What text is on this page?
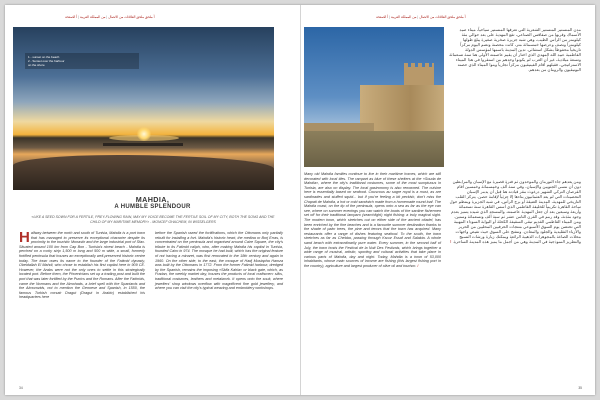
أ ملحق ملحق العلاقات من الاتصال | من المملكة العربية | أ الصفحة
1 - sunset on the beach
2 - Sunset over the harbour
on the shore
MAHDIA,
A HUMBLE SPLENDOUR
«LIKE A SEED SOWN FOR A FERTILE, PREY-FLOWING RAIN, MAY MY VOICE BECOME THE FERTILE SOIL OF MY CITY, BOTH THE SONG AND THE CHILD OF MY MARITIME MEMORY» - MONCEF GHACHEM, IN WISSELGERS
Halfway between the north and south of Tunisia, Mahdia is a port town that has managed to preserve its exceptional character despite its proximity to the touristic Monastir and the large industrial port of Sfax. Situated around 100 km from Cap Bon - Tunisia's nicest beach - Mahdia is perched on a rocky strip 1,500 m long and 500 m wide, a small, formerly fortified peninsula that houses an exceptionally well-preserved historic centre today. The town owes its name to the founder of the Fatimid dynasty, Obeidallah El Mahdi, who chose to establish his first capital here in 909 CE. However, the Arabs were not the only ones to settle in this strategically located port. Before them, the Phoenicians set up a trading post and built the port that was later fortified by the Punics and the Romans. After the Fatimids, came the Normans and the Almohads, a brief spell with the Spaniards and the Almoravids, not to mention the Genoese and Spanish, in 1550, the famous Turkish corsair Dragut (Dragut in Arabic) established his headquarters here
before the Spanish razed the fortifications, which the Ottomans only partially rebuilt for installing a fort. Mahdia's historic heart, the medina or Borj Erras, is concentrated on the peninsula and organised around Caire Square, the city's tribute to its Fatimid caliph, who, after making Mahdia his capital in Tunisia, founded Cairo in 974. The mosque he had built, which has the original feature of not having a minaret, was first renovated in the 18th century and again in 1960. On the other side, to the east, the mosque of Hadj Mustapha Hamza was built by the Ottomans in 1772. From the former Fatimid harbour, dredged by the Spanish, remains the imposing «Skifa Kahla» or black gate, which, as Fradan, the weekly market day, houses the products of local craftsmen: silks, traditional costumes, leathers and metalwork. It opens onto the souk, where jewellers' shop windows overflow with magnificent fine gold jewellery, and where you can visit the city's typical weaving and embroidery workshops.
34
أ ملحق ملحق العلاقات من الاتصال | من المملكة العربية | أ الصفحة
مدن المنستير المنستير الشعرية التي تعرفها المنستير سياحياً، ميناء صيد الأسماك وقربها من صفاقس الصناعي، تقع المهدية على بعد حوالي مئة كيلومتر من الرأس الطيب، وهي شبه جزيرة صخرية صغيرة يبلغ طولها كيلومتراً ونصف وعرضها خمسمائة متر، كانت محصنة وتضم اليوم مركزاً تاريخياً محفوظاً بشكل استثنائي. تدين المدينة باسمها لمؤسس الدولة الفاطمية عبيد الله المهدي الذي اختار أن يقيم عاصمته الأولى هنا سنة تسعمائة وتسعة ميلادية، غير أن العرب لم يكونوا وحدهم من استقروا في هذا الميناء الاستراتيجي، فقبلهم أقام الفينيقيون مركزاً تجارياً وبنوا الميناء الذي حصنه البونيقيون والرومان من بعدهم.
Many old Mahdia families continue to live in their maritime homes, which are still decorated with local tiles. The rampart as blue of these shelters at the «Souda de Mahdia», where the city's traditional costumes, some of the most sumptuous in Tunisia, are also on display. The local gastronomy is also renowned. The cuisine here is essentially based on seafood. Couscous au sagre royal is a must, as are sardinades and stuffed squid... but if you're feeling a bit peckish, don't miss the Chapati de Mahdia, a hot or cold sandwich made from a homemade round loaf. The Mahdia coast, on the tip of the peninsula, opens onto a sea as far as the eye can see, where on summer evenings you can watch the boats of the sardine fishermen set off for their traditional lamparo (searchlight) night fishing: a truly magical sight. The modern town, which stretches out on either side of the ancient citadel, has been enriched by the fine beaches and is a favourite summer destination thanks to the shade of palm trees, the pine and tenors that the town has acquired. Many restaurants offer a range of dishes featuring seafood. To the south, the town stretches as far as Chebba, passing through Ksour Essaf and Salakta. A whole sand beach with extraordinarily pure water. Every summer, in the second half of July, the town hosts the Festival de la Nuit Des Festivals, which brings together a wide range of musical, artistic, sporting and cultural activities that take place in various parts of Mahdia, day and night. Today, Mahdia is a town of 53,000 inhabitants, whose main sources of income are fishing (this largest fishing port in the country), agriculture and largest producer of olive oil and tourism. I
ومن بعدهم جاء النورمان والموحدون ثم فترة قصيرة مع الإسبان والمرابطين دون أن ننسى الجنويين والإسبان، وفي سنة ألف وخمسمائة وخمسين أقام القرصان التركي الشهير درغوث مقر قيادته هنا قبل أن يدمر الإسبان التحصينات التي لم يعد العثمانيون بناءها إلا جزئياً لإقامة حصن. يتركز القلب التاريخي للمهدية، المدينة العتيقة أو برج الرأس، في شبه الجزيرة وينتظم حول ساحة القاهرة تكريماً للخليفة الفاطمي الذي أسس القاهرة سنة تسعمائة وأربعة وسبعين بعد أن جعل المهدية عاصمته. والمسجد الذي شيده يتميز بعدم وجود مئذنة، وقد رمم في القرن الثامن عشر ثم سنة ألف وتسعمائة وستين. ومن الميناء الفاطمي القديم تبقى السقيفة الكحلة أو البوابة السوداء المهيبة التي تحتضن يوم السوق الأسبوعي منتجات الحرفيين المحليين من الحرير والأزياء التقليدية والجلود والمعادن. وتنفتح على السوق حيث تفيض واجهات محلات الصاغة بالمجوهرات الذهبية الرائعة ويمكنك زيارة ورشات النسيج والتطريز النموذجية في المدينة وهي من أجمل ما يميز هذه المدينة الساحرة. I
35
